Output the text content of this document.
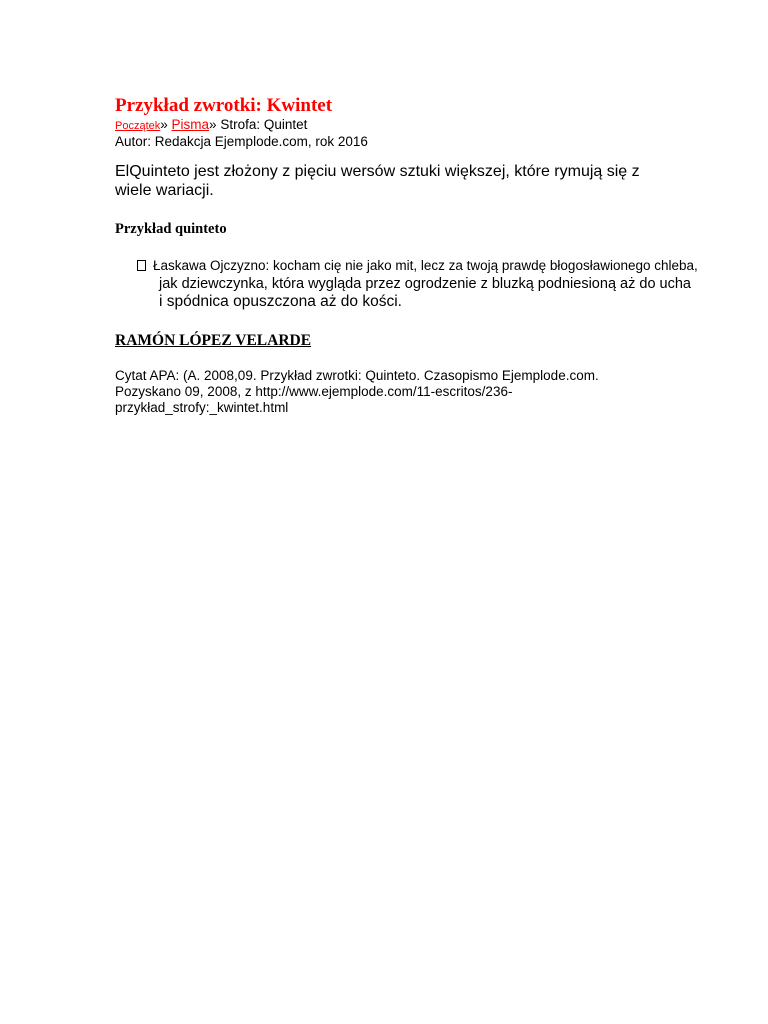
Przykład zwrotki: Kwintet
Początek» Pisma» Strofa: Quintet
Autor: Redakcja Ejemplode.com, rok 2016

ElQuinteto jest złożony z pięciu wersów sztuki większej, które rymują się z wiele wariacji.

Przykład quinteto
Łaskawa Ojczyzno: kocham cię nie jako mit, lecz za twoją prawdę błogosławionego chleba,
jak dziewczynka, która wygląda przez ogrodzenie z bluzką podniesioną aż do ucha
i spódnica opuszczona aż do kości.
RAMÓN LÓPEZ VELARDE
Cytat APA: (A. 2008,09. Przykład zwrotki: Quinteto. Czasopismo Ejemplode.com. Pozyskano 09, 2008, z http://www.ejemplode.com/11-escritos/236-przykład_strofy:_kwintet.html
